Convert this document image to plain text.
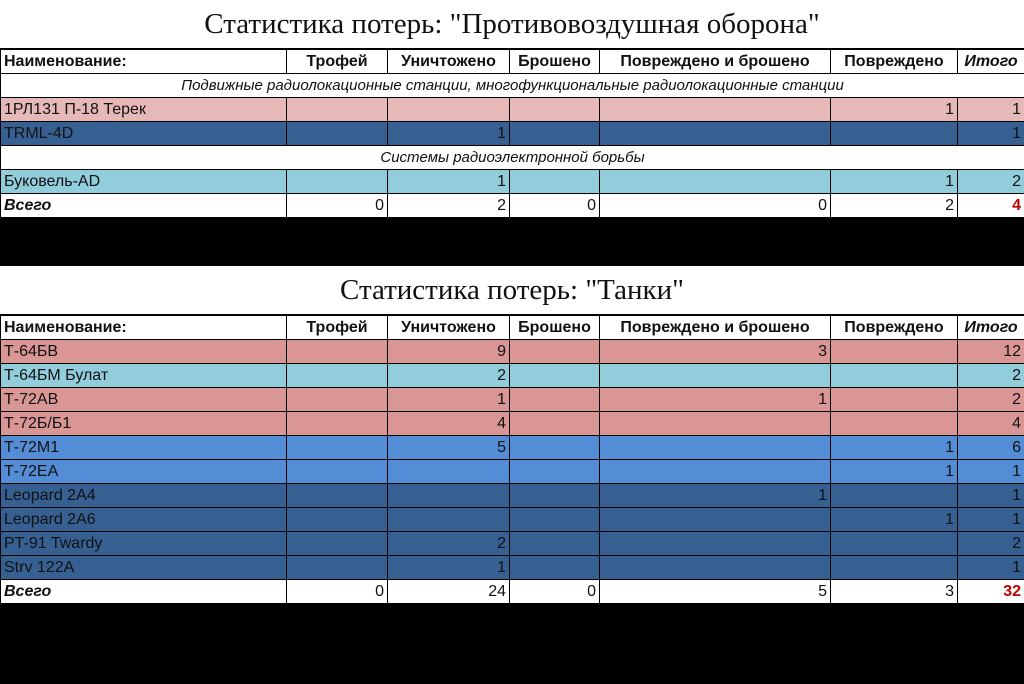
Статистика потерь: "Противовоздушная оборона"
Наименование:	Трофей	Уничтожено	Брошено	Повреждено и брошено	Повреждено	Итого
Подвижные радиолокационные станции, многофункциональные радиолокационные станции						
1РЛ131 П-18 Терек					1	1
TRML-4D		1				1
Системы радиоэлектронной борьбы						
Буковель-AD		1			1	2
Всего	0	2	0	0	2	4
Статистика потерь: "Танки"
Наименование:	Трофей	Уничтожено	Брошено	Повреждено и брошено	Повреждено	Итого
Т-64БВ		9		3		12
Т-64БМ Булат		2				2
Т-72АВ		1		1		2
Т-72Б/Б1		4				4
Т-72М1		5			1	6
Т-72ЕА					1	1
Leopard 2A4				1		1
Leopard 2A6					1	1
PT-91 Twardy		2				2
Strv 122A		1				1
Всего	0	24	0	5	3	32
